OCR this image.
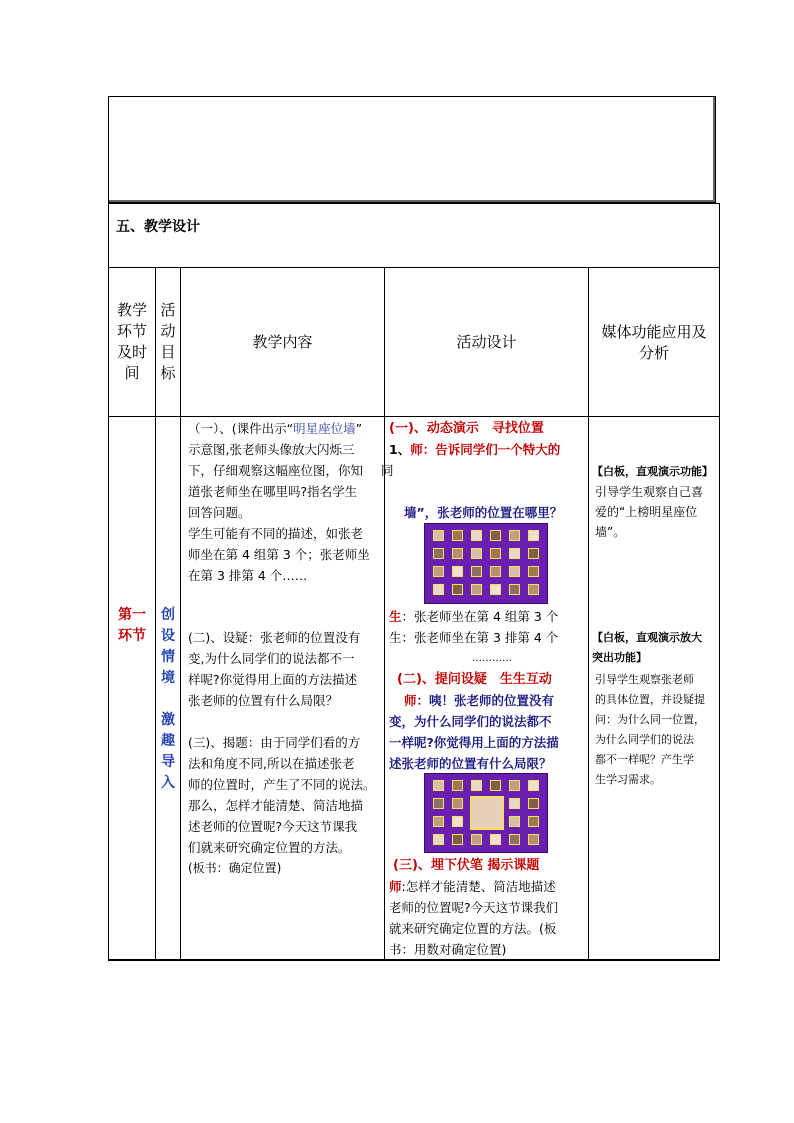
五、教学设计
教学
环节
及时
间
活
动
目
标
教学内容	活动设计
媒体功能应用及
分析
第一
环节
创
设
情
境
激
趣
导
入
（一）、(课件出示“明星座位墙”
示意图,张老师头像放大闪烁三
下，仔细观察这幅座位图，你知 同
道张老师坐在哪里吗?指名学生
回答问题。
学生可能有不同的描述，如张老
师坐在第 4 组第 3 个；张老师坐
在第 3 排第 4 个……
(二)、设疑：张老师的位置没有
变,为什么同学们的说法都不一
样呢?你觉得用上面的方法描述
张老师的位置有什么局限？
(三)、揭题：由于同学们看的方
法和角度不同,所以在描述张老
师的位置时，产生了不同的说法。
那么，怎样才能清楚、简洁地描
述老师的位置呢?今天这节课我
们就来研究确定位置的方法。
(板书：确定位置)
(一)、动态演示　寻找位置
1、师：告诉同学们一个特大的
墙”，张老师的位置在哪里？
生：张老师坐在第 4 组第 3 个
生：张老师坐在第 3 排第 4 个
…………
(二)、提问设疑　生生互动
师：咦！张老师的位置没有
变，为什么同学们的说法都不
一样呢?你觉得用上面的方法描
述张老师的位置有什么局限？
(三)、埋下伏笔 揭示课题
师:怎样才能清楚、简洁地描述
老师的位置呢?今天这节课我们
就来研究确定位置的方法。(板
书：用数对确定位置)
【白板，直观演示功能】
引导学生观察自己喜
爱的“上榜明星座位
墙”。
【白板，直观演示放大
突出功能】
引导学生观察张老师
的具体位置，并设疑提
问：为什么同一位置，
为什么同学们的说法
都不一样呢？产生学
生学习需求。
